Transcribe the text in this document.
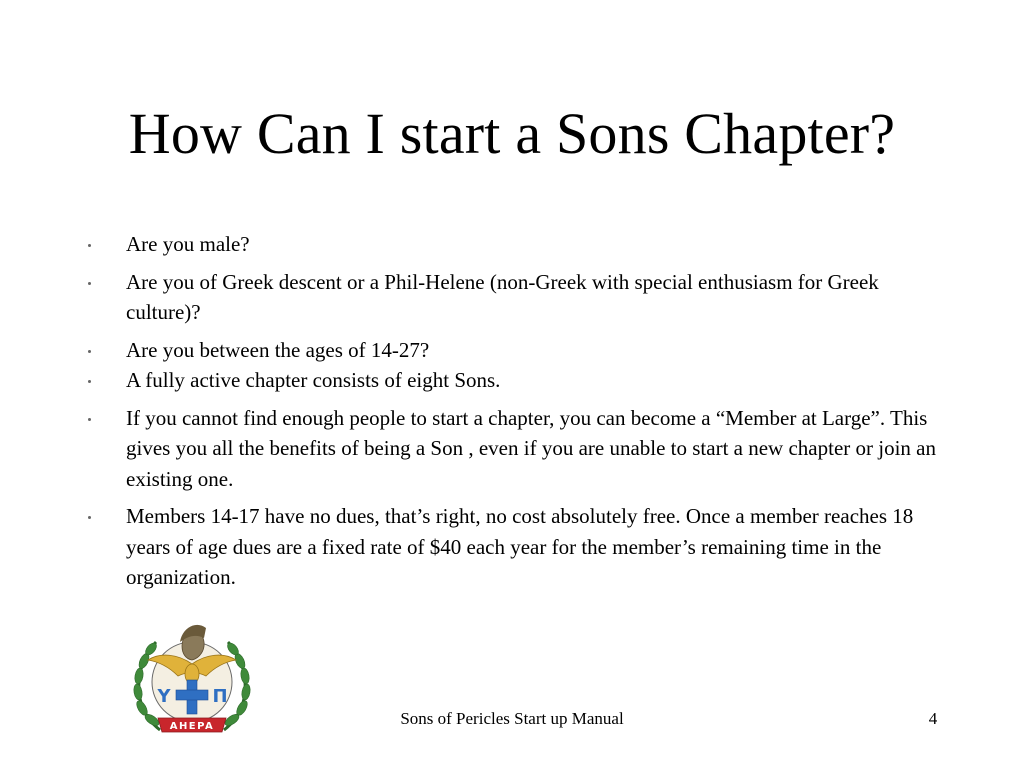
How Can I start a Sons Chapter?
Are you male?
Are you of Greek descent or a Phil-Helene (non-Greek with special enthusiasm for Greek culture)?
Are you between the ages of 14-27?
A fully active chapter consists of eight Sons.
If you cannot find enough people to start a chapter, you can become a “Member at Large”. This gives you all the benefits of being a Son , even if you are unable to start a new chapter or join an existing one.
Members 14-17 have no dues, that’s right, no cost absolutely free. Once a member reaches 18 years of age dues are a fixed rate of $40 each year for the member’s remaining time in the organization.
Υ Π
AHEPA	Sons of Pericles Start up Manual	4
